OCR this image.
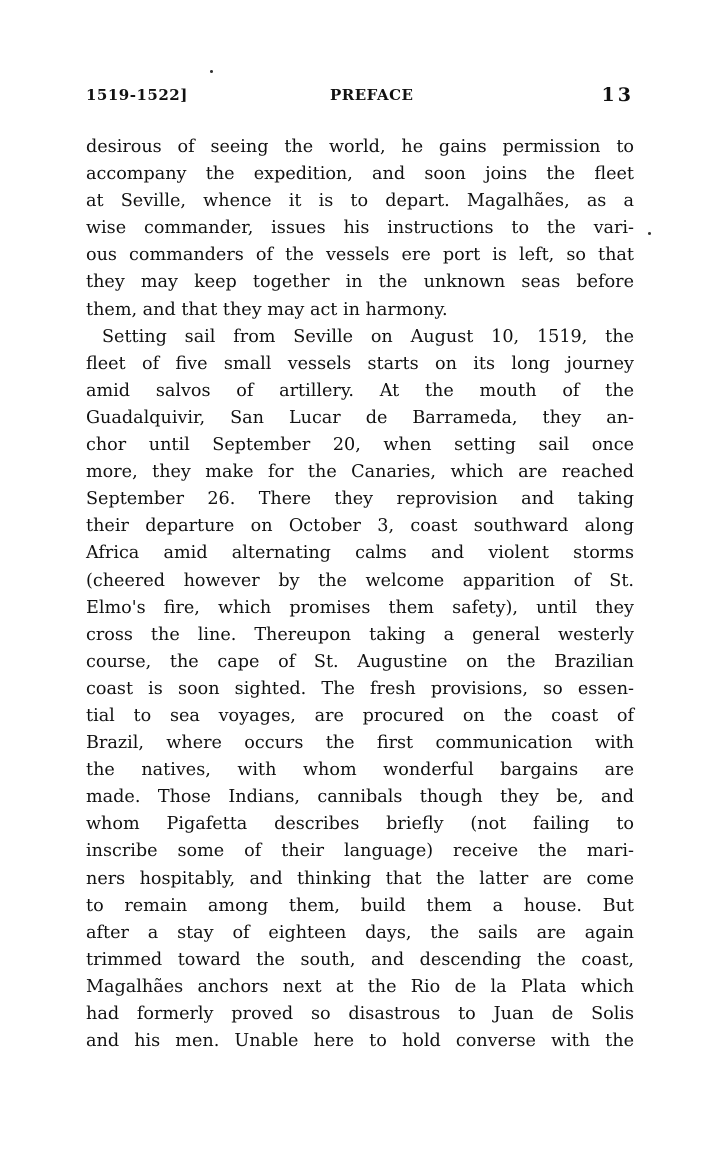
1519-1522]	PREFACE	13
desirous of seeing the world, he gains permission to
accompany the expedition, and soon joins the fleet
at Seville, whence it is to depart. Magalhães, as a
wise commander, issues his instructions to the vari-
ous commanders of the vessels ere port is left, so that
they may keep together in the unknown seas before
them, and that they may act in harmony.
Setting sail from Seville on August 10, 1519, the
fleet of five small vessels starts on its long journey
amid salvos of artillery. At the mouth of the
Guadalquivir, San Lucar de Barrameda, they an-
chor until September 20, when setting sail once
more, they make for the Canaries, which are reached
September 26. There they reprovision and taking
their departure on October 3, coast southward along
Africa amid alternating calms and violent storms
(cheered however by the welcome apparition of St.
Elmo's fire, which promises them safety), until they
cross the line. Thereupon taking a general westerly
course, the cape of St. Augustine on the Brazilian
coast is soon sighted. The fresh provisions, so essen-
tial to sea voyages, are procured on the coast of
Brazil, where occurs the first communication with
the natives, with whom wonderful bargains are
made. Those Indians, cannibals though they be, and
whom Pigafetta describes briefly (not failing to
inscribe some of their language) receive the mari-
ners hospitably, and thinking that the latter are come
to remain among them, build them a house. But
after a stay of eighteen days, the sails are again
trimmed toward the south, and descending the coast,
Magalhães anchors next at the Rio de la Plata which
had formerly proved so disastrous to Juan de Solis
and his men. Unable here to hold converse with the
